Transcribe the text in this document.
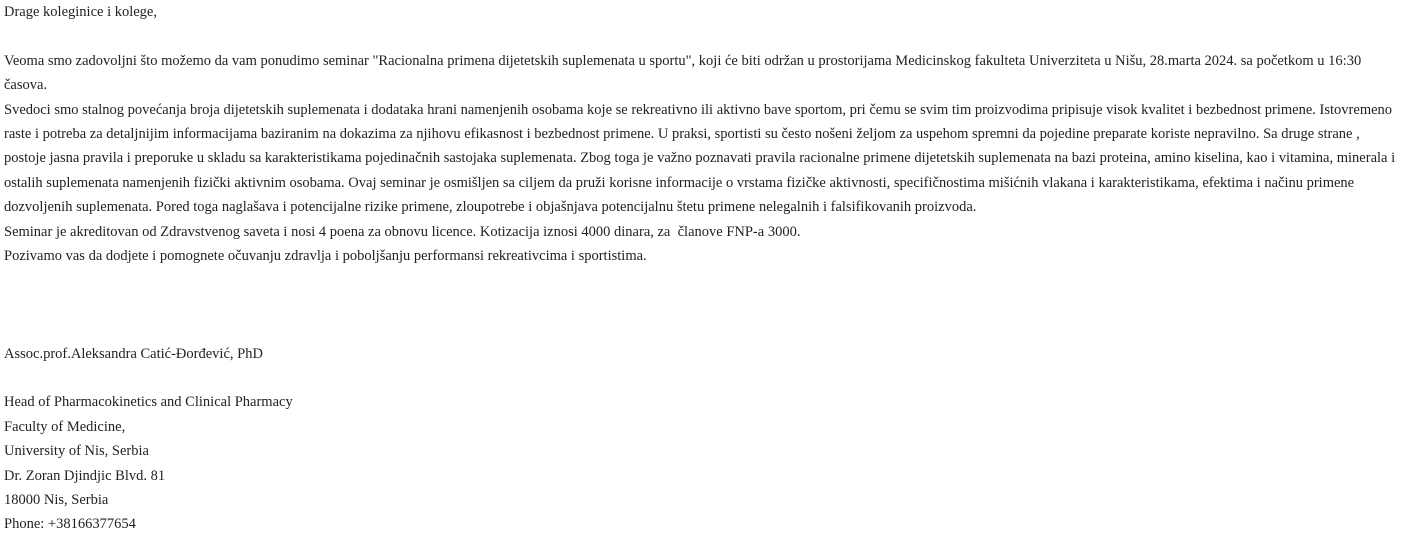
Drage koleginice i kolege,

Veoma smo zadovoljni što možemo da vam ponudimo seminar "Racionalna primena dijetetskih suplemenata u sportu", koji će biti održan u prostorijama Medicinskog fakulteta Univerziteta u Nišu, 28.marta 2024. sa početkom u 16:30 časova.

Svedoci smo stalnog povećanja broja dijetetskih suplemenata i dodataka hrani namenjenih osobama koje se rekreativno ili aktivno bave sportom, pri čemu se svim tim proizvodima pripisuje visok kvalitet i bezbednost primene. Istovremeno raste i potreba za detaljnijim informacijama baziranim na dokazima za njihovu efikasnost i bezbednost primene. U praksi, sportisti su često nošeni željom za uspehom spremni da pojedine preparate koriste nepravilno. Sa druge strane , postoje jasna pravila i preporuke u skladu sa karakteristikama pojedinačnih sastojaka suplemenata. Zbog toga je važno poznavati pravila racionalne primene dijetetskih suplemenata na bazi proteina, amino kiselina, kao i vitamina, minerala i ostalih suplemenata namenjenih fizički aktivnim osobama. Ovaj seminar je osmišljen sa ciljem da pruži korisne informacije o vrstama fizičke aktivnosti, specifičnostima mišićnih vlakana i karakteristikama, efektima i načinu primene dozvoljenih suplemenata. Pored toga naglašava i potencijalne rizike primene, zloupotrebe i objašnjava potencijalnu štetu primene nelegalnih i falsifikovanih proizvoda.

Seminar je akreditovan od Zdravstvenog saveta i nosi 4 poena za obnovu licence. Kotizacija iznosi 4000 dinara, za  članove FNP-a 3000.

Pozivamo vas da dodjete i pomognete očuvanju zdravlja i poboljšanju performansi rekreativcima i sportistima.

Assoc.prof.Aleksandra Catić-Đorđević, PhD

Head of Pharmacokinetics and Clinical Pharmacy

Faculty of Medicine,

University of Nis, Serbia

Dr. Zoran Djindjic Blvd. 81

18000 Nis, Serbia

Phone: +38166377654
